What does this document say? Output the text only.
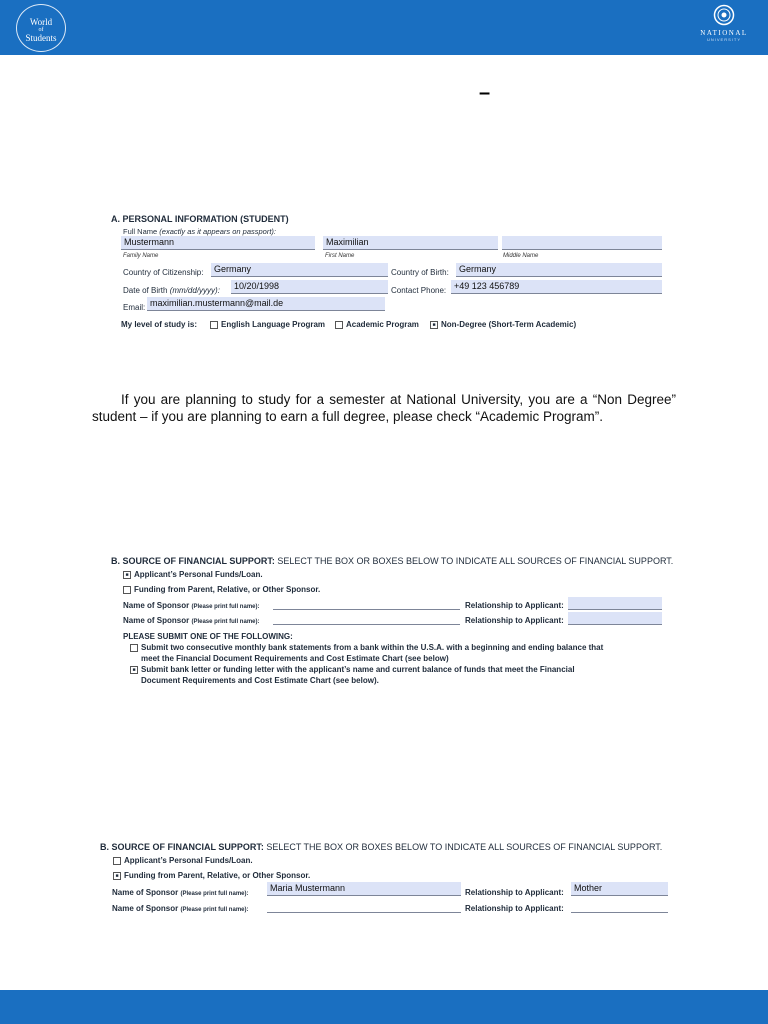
World
of
Students	NATIONAL
UNIVERSITY
–
A. PERSONAL INFORMATION (STUDENT)
Full Name (exactly as it appears on passport):
Mustermann	Maximilian
Family Name	First Name	Middle Name
Country of Citizenship:	Germany	Country of Birth:	Germany
Date of Birth (mm/dd/yyyy):	10/20/1998	Contact Phone: +49 123 456789
Email: maximilian.mustermann@mail.de
My level of study is:	English Language Program	Academic Program
■	Non-Degree (Short-Term Academic)
If you are planning to study for a semester at National University, you are a “Non Degree” student – if you are planning to earn a full degree, please check “Academic Program”.
B. SOURCE OF FINANCIAL SUPPORT: SELECT THE BOX OR BOXES BELOW TO INDICATE ALL SOURCES OF FINANCIAL SUPPORT.
■
Applicant’s Personal Funds/Loan.
Funding from Parent, Relative, or Other Sponsor.
Name of Sponsor (Please print full name):	Relationship to Applicant:
Name of Sponsor (Please print full name):	Relationship to Applicant:
PLEASE SUBMIT ONE OF THE FOLLOWING:
Submit two consecutive monthly bank statements from a bank within the U.S.A. with a beginning and ending balance that
meet the Financial Document Requirements and Cost Estimate Chart (see below)
■
Submit bank letter or funding letter with the applicant’s name and current balance of funds that meet the Financial
Document Requirements and Cost Estimate Chart (see below).
B. SOURCE OF FINANCIAL SUPPORT: SELECT THE BOX OR BOXES BELOW TO INDICATE ALL SOURCES OF FINANCIAL SUPPORT.
Applicant’s Personal Funds/Loan.
■
Funding from Parent, Relative, or Other Sponsor.
Name of Sponsor (Please print full name):
Maria Mustermann	Relationship to Applicant:	Mother
Name of Sponsor (Please print full name):	Relationship to Applicant:
